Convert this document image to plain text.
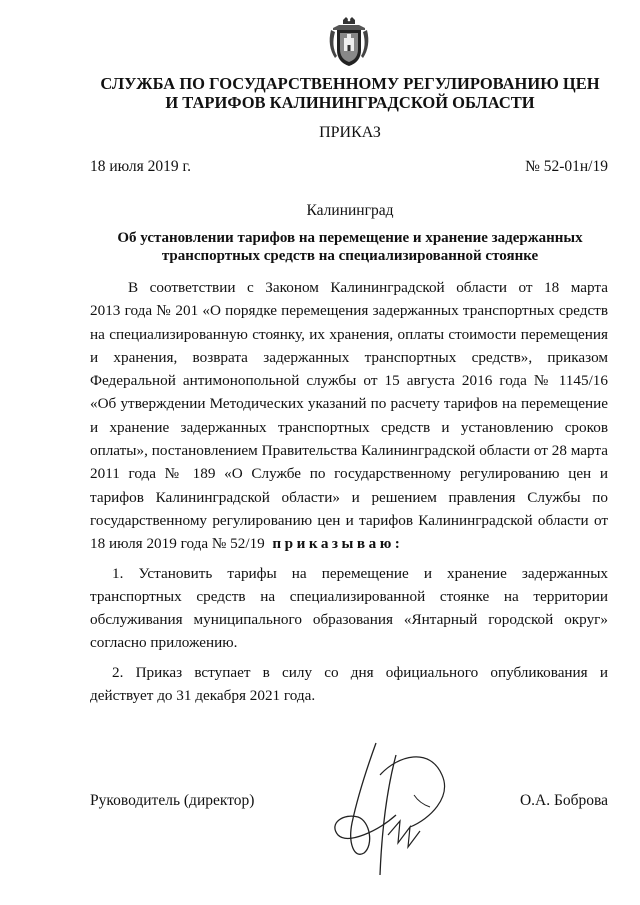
СЛУЖБА ПО ГОСУДАРСТВЕННОМУ РЕГУЛИРОВАНИЮ ЦЕН
И ТАРИФОВ КАЛИНИНГРАДСКОЙ ОБЛАСТИ
ПРИКАЗ
18 июля 2019 г.	№ 52-01н/19
Калининград
Об установлении тарифов на перемещение и хранение задержанных
транспортных средств на специализированной стоянке
В соответствии с Законом Калининградской области от 18 марта
2013 года № 201 «О порядке перемещения задержанных транспортных средств
на специализированную стоянку, их хранения, оплаты стоимости перемещения
и хранения, возврата задержанных транспортных средств», приказом
Федеральной антимонопольной службы от 15 августа 2016 года № 1145/16
«Об утверждении Методических указаний по расчету тарифов на перемещение
и хранение задержанных транспортных средств и установлению сроков
оплаты», постановлением Правительства Калининградской области от 28 марта
2011 года № 189 «О Службе по государственному регулированию цен и
тарифов Калининградской области» и решением правления Службы по
государственному регулированию цен и тарифов Калининградской области от
18 июля 2019 года № 52/19 приказываю:
1. Установить тарифы на перемещение и хранение задержанных
транспортных средств на специализированной стоянке на территории
обслуживания муниципального образования «Янтарный городской округ»
согласно приложению.
2. Приказ вступает в силу со дня официального опубликования и
действует до 31 декабря 2021 года.
Руководитель (директор)	О.А. Боброва
